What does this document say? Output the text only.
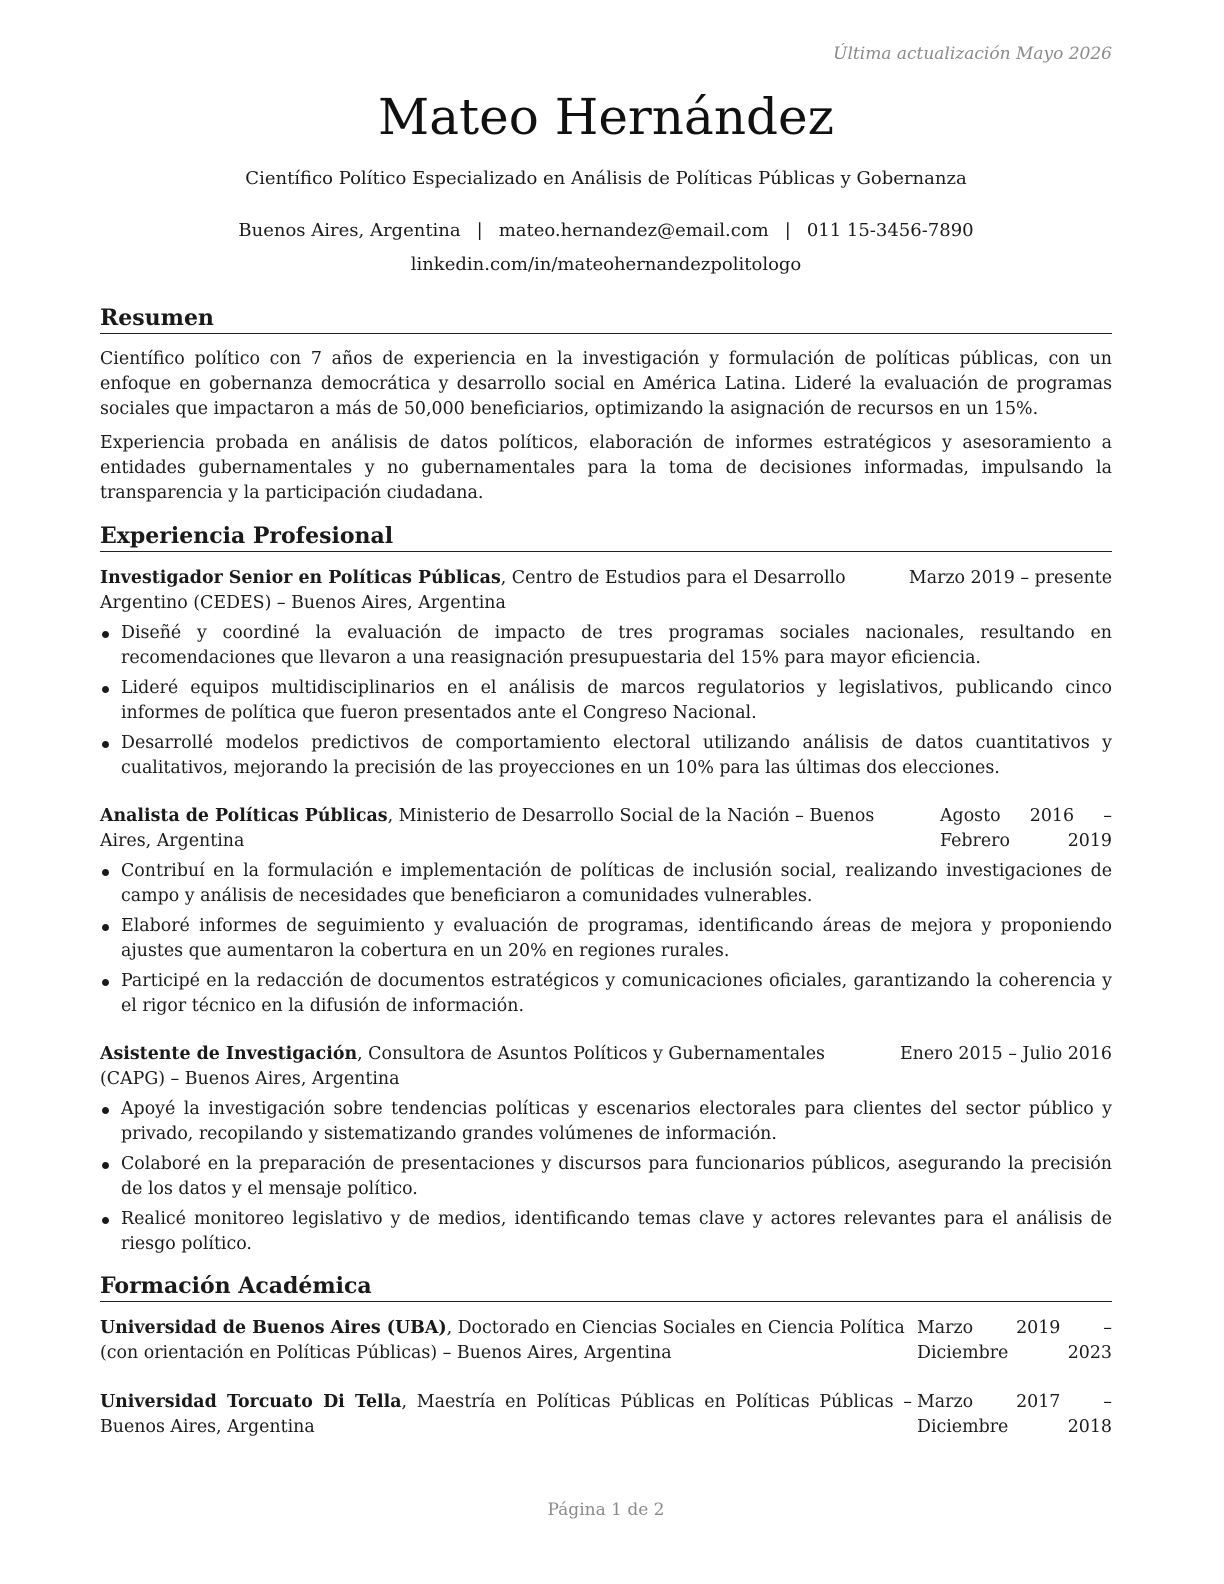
Última actualización Mayo 2026
Mateo Hernández
Científico Político Especializado en Análisis de Políticas Públicas y Gobernanza
Buenos Aires, Argentina | mateo.hernandez@email.com | 011 15-3456-7890
linkedin.com/in/mateohernandezpolitologo
Resumen

Científico político con 7 años de experiencia en la investigación y formulación de políticas públicas, con un enfoque en gobernanza democrática y desarrollo social en América Latina. Lideré la evaluación de programas sociales que impactaron a más de 50,000 beneficiarios, optimizando la asignación de recursos en un 15%.

Experiencia probada en análisis de datos políticos, elaboración de informes estratégicos y asesoramiento a entidades gubernamentales y no gubernamentales para la toma de decisiones informadas, impulsando la transparencia y la participación ciudadana.

Experiencia Profesional
Investigador Senior en Políticas Públicas, Centro de Estudios para el Desarrollo Argentino (CEDES) – Buenos Aires, Argentina
Marzo 2019 – presente
Diseñé y coordiné la evaluación de impacto de tres programas sociales nacionales, resultando en recomendaciones que llevaron a una reasignación presupuestaria del 15% para mayor eficiencia.
Lideré equipos multidisciplinarios en el análisis de marcos regulatorios y legislativos, publicando cinco informes de política que fueron presentados ante el Congreso Nacional.
Desarrollé modelos predictivos de comportamiento electoral utilizando análisis de datos cuantitativos y cualitativos, mejorando la precisión de las proyecciones en un 10% para las últimas dos elecciones.
Analista de Políticas Públicas, Ministerio de Desarrollo Social de la Nación – Buenos Aires, Argentina
Agosto 2016 – Febrero 2019
Contribuí en la formulación e implementación de políticas de inclusión social, realizando investigaciones de campo y análisis de necesidades que beneficiaron a comunidades vulnerables.
Elaboré informes de seguimiento y evaluación de programas, identificando áreas de mejora y proponiendo ajustes que aumentaron la cobertura en un 20% en regiones rurales.
Participé en la redacción de documentos estratégicos y comunicaciones oficiales, garantizando la coherencia y el rigor técnico en la difusión de información.
Asistente de Investigación, Consultora de Asuntos Políticos y Gubernamentales (CAPG) – Buenos Aires, Argentina
Enero 2015 – Julio 2016
Apoyé la investigación sobre tendencias políticas y escenarios electorales para clientes del sector público y privado, recopilando y sistematizando grandes volúmenes de información.
Colaboré en la preparación de presentaciones y discursos para funcionarios públicos, asegurando la precisión de los datos y el mensaje político.
Realicé monitoreo legislativo y de medios, identificando temas clave y actores relevantes para el análisis de riesgo político.
Formación Académica
Universidad de Buenos Aires (UBA), Doctorado en Ciencias Sociales en Ciencia Política (con orientación en Políticas Públicas) – Buenos Aires, Argentina
Marzo 2019 – Diciembre 2023
Universidad Torcuato Di Tella, Maestría en Políticas Públicas en Políticas Públicas – Buenos Aires, Argentina
Marzo 2017 – Diciembre 2018
Página 1 de 2
